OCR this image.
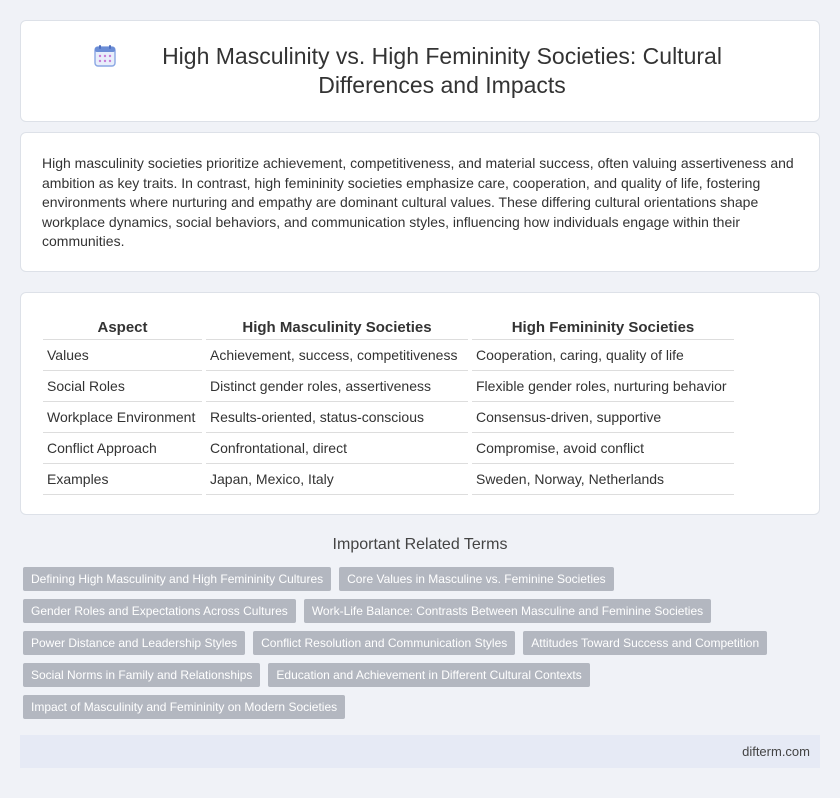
High Masculinity vs. High Femininity Societies: Cultural Differences and Impacts

High masculinity societies prioritize achievement, competitiveness, and material success, often valuing assertiveness and ambition as key traits. In contrast, high femininity societies emphasize care, cooperation, and quality of life, fostering environments where nurturing and empathy are dominant cultural values. These differing cultural orientations shape workplace dynamics, social behaviors, and communication styles, influencing how individuals engage within their communities.

Aspect	High Masculinity Societies	High Femininity Societies
Values	Achievement, success, competitiveness	Cooperation, caring, quality of life
Social Roles	Distinct gender roles, assertiveness	Flexible gender roles, nurturing behavior
Workplace Environment	Results-oriented, status-conscious	Consensus-driven, supportive
Conflict Approach	Confrontational, direct	Compromise, avoid conflict
Examples	Japan, Mexico, Italy	Sweden, Norway, Netherlands
Important Related Terms
Defining High Masculinity and High Femininity Cultures	Core Values in Masculine vs. Feminine Societies
Gender Roles and Expectations Across Cultures	Work-Life Balance: Contrasts Between Masculine and Feminine Societies
Power Distance and Leadership Styles	Conflict Resolution and Communication Styles	Attitudes Toward Success and Competition
Social Norms in Family and Relationships	Education and Achievement in Different Cultural Contexts
Impact of Masculinity and Femininity on Modern Societies
difterm.com
